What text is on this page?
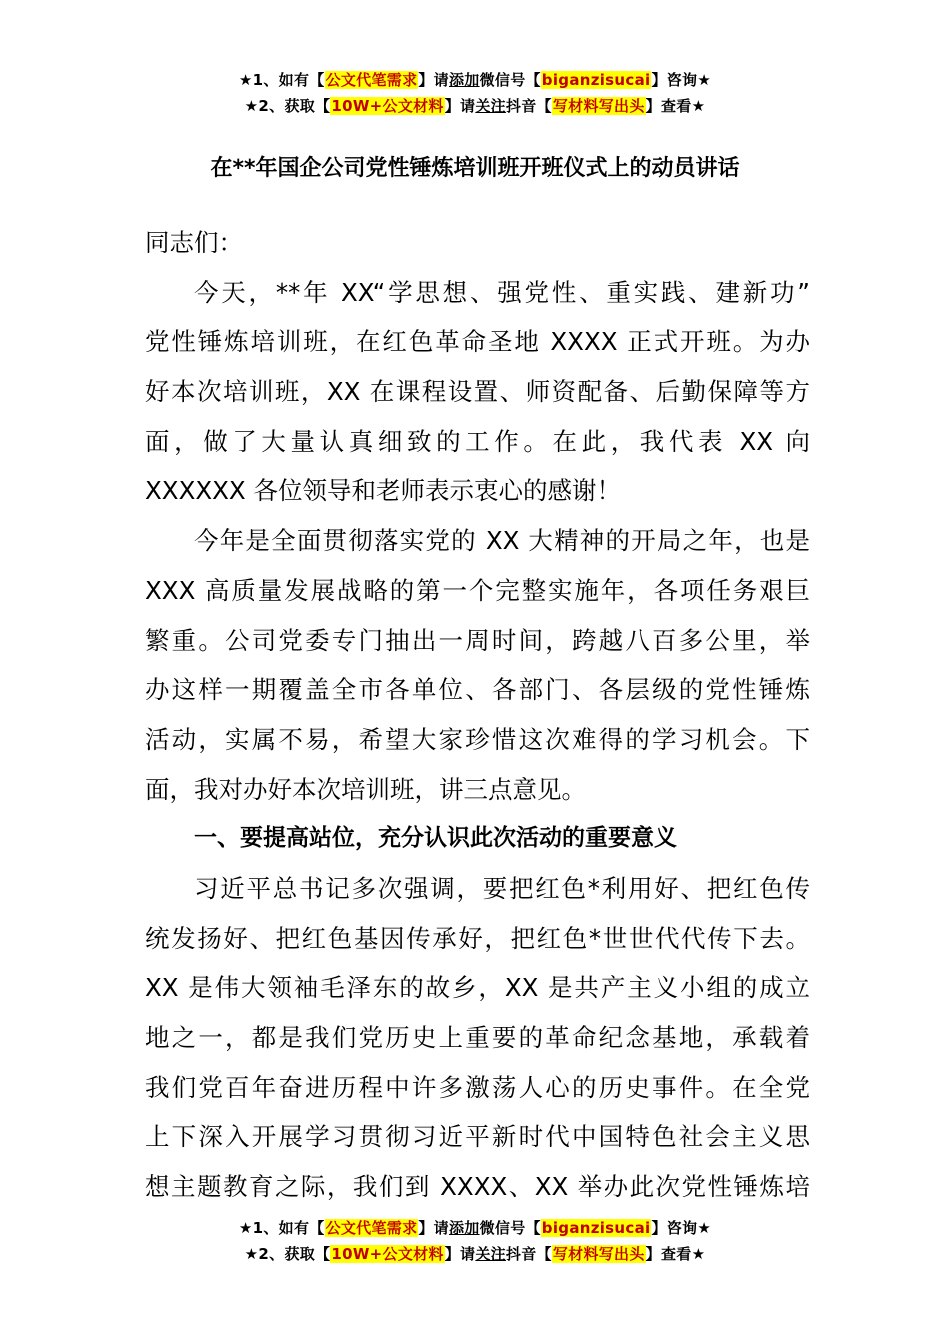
★1、如有【公文代笔需求】请添加微信号【biganzisucai】咨询★
★2、获取【10W+公文材料】请关注抖音【写材料写出头】查看★
在**年国企公司党性锤炼培训班开班仪式上的动员讲话
同志们：
今天，**年 XX“学思想、强党性、重实践、建新功”
党性锤炼培训班，在红色革命圣地 XXXX 正式开班。为办
好本次培训班，XX 在课程设置、师资配备、后勤保障等方
面，做了大量认真细致的工作。在此，我代表 XX 向
XXXXXX 各位领导和老师表示衷心的感谢！
今年是全面贯彻落实党的 XX 大精神的开局之年，也是
XXX 高质量发展战略的第一个完整实施年，各项任务艰巨
繁重。公司党委专门抽出一周时间，跨越八百多公里，举
办这样一期覆盖全市各单位、各部门、各层级的党性锤炼
活动，实属不易，希望大家珍惜这次难得的学习机会。下
面，我对办好本次培训班，讲三点意见。
一、要提高站位，充分认识此次活动的重要意义
习近平总书记多次强调，要把红色*利用好、把红色传
统发扬好、把红色基因传承好，把红色*世世代代传下去。
XX 是伟大领袖毛泽东的故乡，XX 是共产主义小组的成立
地之一，都是我们党历史上重要的革命纪念基地，承载着
我们党百年奋进历程中许多激荡人心的历史事件。在全党
上下深入开展学习贯彻习近平新时代中国特色社会主义思
想主题教育之际，我们到 XXXX、XX 举办此次党性锤炼培
★1、如有【公文代笔需求】请添加微信号【biganzisucai】咨询★
★2、获取【10W+公文材料】请关注抖音【写材料写出头】查看★
